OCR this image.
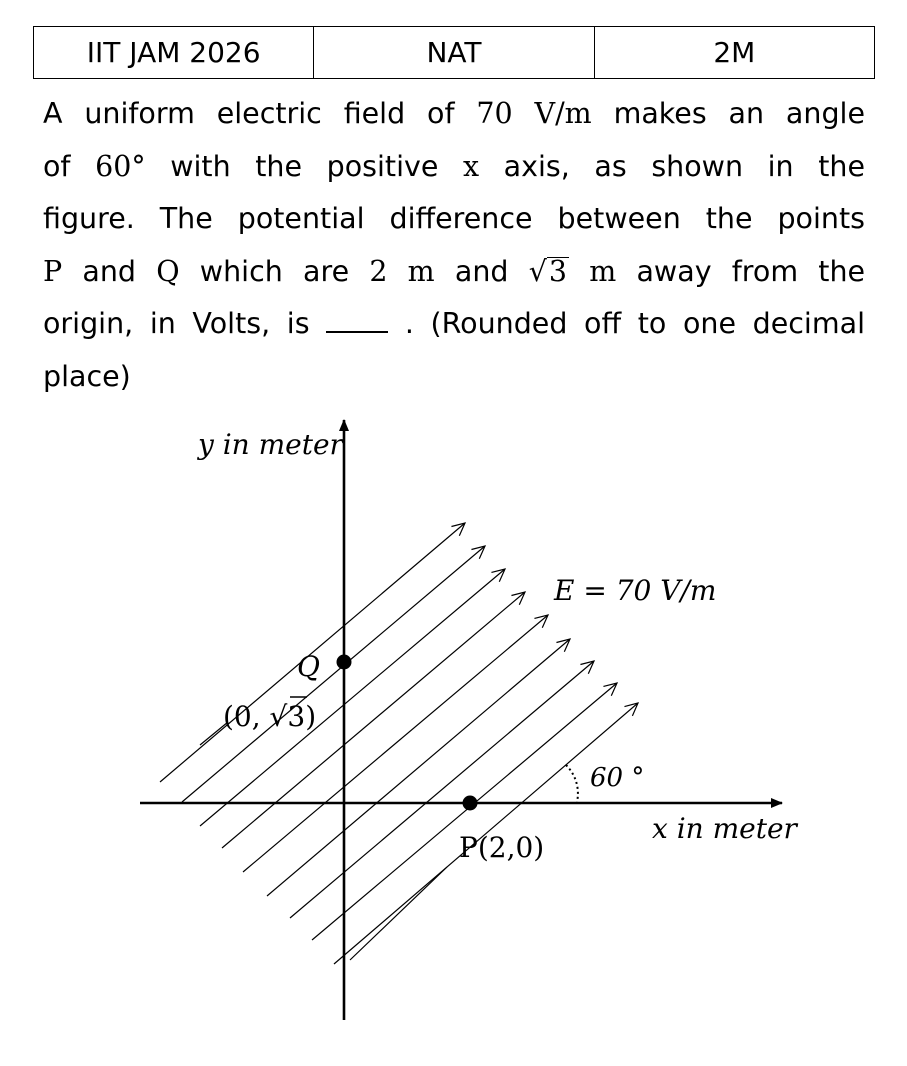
IIT JAM 2026	NAT	2M
A uniform electric field of 70 V/m makes an angle
of 60° with the positive x axis, as shown in the
figure. The potential difference between the points
P and Q which are 2 m and √3 m away from the
origin, in Volts, is	. (Rounded off to one decimal
place)
y in meter
x in meter
E = 70 V/m
60 °
Q
(0, √3)
P(2,0)
